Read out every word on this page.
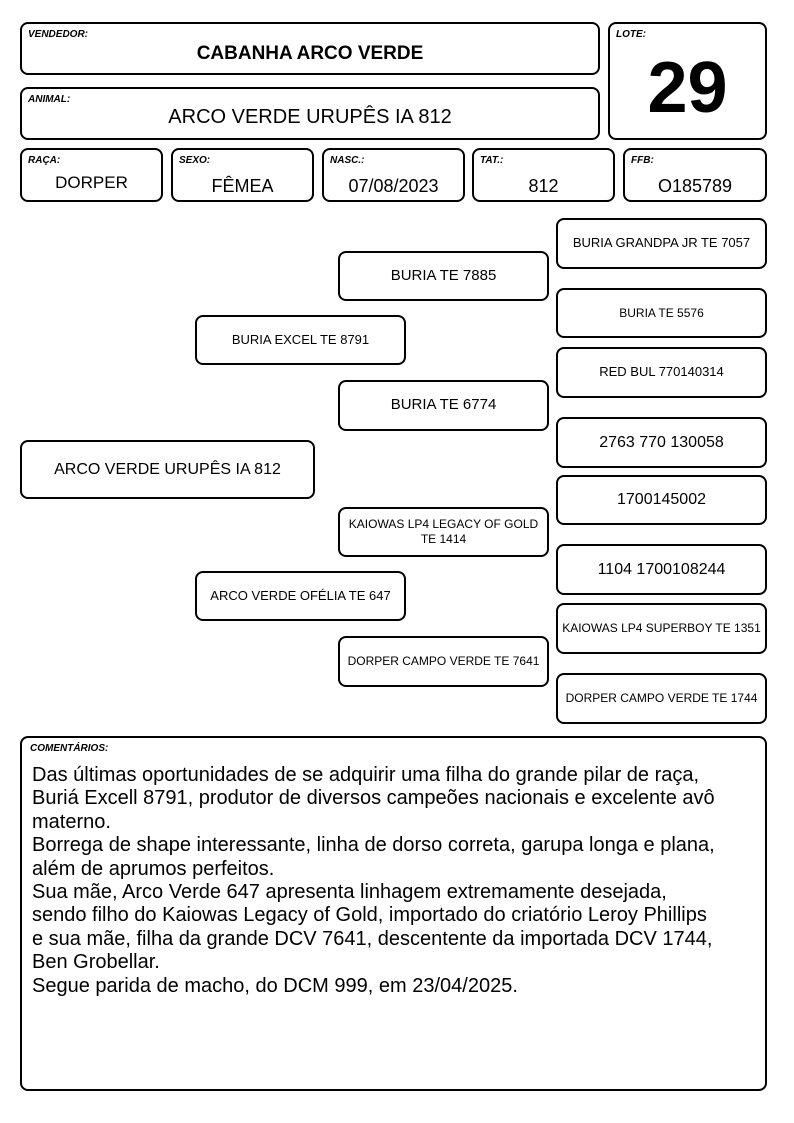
VENDEDOR:
CABANHA ARCO VERDE
ANIMAL:
ARCO VERDE URUPÊS IA 812
LOTE:
29
RAÇA:
DORPER
SEXO:
FÊMEA
NASC.:
07/08/2023
TAT.:
812
FFB:
O185789
ARCO VERDE URUPÊS IA 812
BURIA EXCEL TE 8791
ARCO VERDE OFÉLIA TE 647
BURIA TE 7885
BURIA TE 6774
KAIOWAS LP4 LEGACY OF GOLD TE 1414
DORPER CAMPO VERDE TE 7641
BURIA GRANDPA JR TE 7057
BURIA TE 5576
RED BUL 770140314
2763 770 130058
1700145002
1104 1700108244
KAIOWAS LP4 SUPERBOY TE 1351
DORPER CAMPO VERDE TE 1744
COMENTÁRIOS:
Das últimas oportunidades de se adquirir uma filha do grande pilar de raça,
Buriá Excell 8791, produtor de diversos campeões nacionais e excelente avô
materno.
Borrega de shape interessante, linha de dorso correta, garupa longa e plana,
além de aprumos perfeitos.
Sua mãe, Arco Verde 647 apresenta linhagem extremamente desejada,
sendo filho do Kaiowas Legacy of Gold, importado do criatório Leroy Phillips
e sua mãe, filha da grande DCV 7641, descentente da importada DCV 1744,
Ben Grobellar.
Segue parida de macho, do DCM 999, em 23/04/2025.
